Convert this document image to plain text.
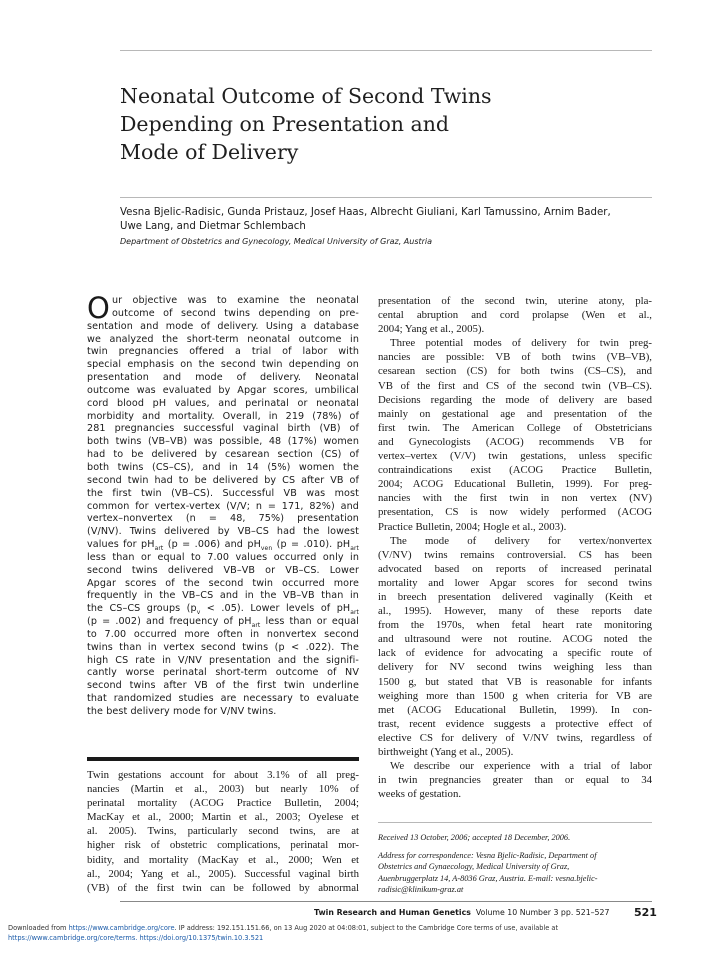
Neonatal Outcome of Second Twins
Depending on Presentation and
Mode of Delivery
Vesna Bjelic-Radisic, Gunda Pristauz, Josef Haas, Albrecht Giuliani, Karl Tamussino, Arnim Bader,
Uwe Lang, and Dietmar Schlembach
Department of Obstetrics and Gynecology, Medical University of Graz, Austria
O ur objective was to examine the neonatal

outcome of second twins depending on pre-

sentation and mode of delivery. Using a database

we analyzed the short-term neonatal outcome in

twin pregnancies offered a trial of labor with

special emphasis on the second twin depending on

presentation and mode of delivery. Neonatal

outcome was evaluated by Apgar scores, umbilical

cord blood pH values, and perinatal or neonatal

morbidity and mortality. Overall, in 219 (78%) of

281 pregnancies successful vaginal birth (VB) of

both twins (VB–VB) was possible, 48 (17%) women

had to be delivered by cesarean section (CS) of

both twins (CS–CS), and in 14 (5%) women the

second twin had to be delivered by CS after VB of

the first twin (VB–CS). Successful VB was most

common for vertex-vertex (V/V; n = 171, 82%) and

vertex–nonvertex (n = 48, 75%) presentation

(V/NV). Twins delivered by VB–CS had the lowest

values for $pH_{art}$ (p = .006) and $pH_{ven}$ (p = .010). $pH_{art}$

less than or equal to 7.00 values occurred only in

second twins delivered VB–VB or VB–CS. Lower

Apgar scores of the second twin occurred more

frequently in the VB–CS and in the VB–VB than in

the CS–CS groups $(p_v < .05)$. Lower levels of $pH_{art}$

(p = .002) and frequency of $pH_{art}$ less than or equal

to 7.00 occurred more often in nonvertex second

twins than in vertex second twins (p < .022). The

high CS rate in V/NV presentation and the signifi-

cantly worse perinatal short-term outcome of NV

second twins after VB of the first twin underline

that randomized studies are necessary to evaluate

the best delivery mode for V/NV twins.

Twin gestations account for about 3.1% of all preg-

nancies (Martin et al., 2003) but nearly 10% of

perinatal mortality (ACOG Practice Bulletin, 2004;

MacKay et al., 2000; Martin et al., 2003; Oyelese et

al. 2005). Twins, particularly second twins, are at

higher risk of obstetric complications, perinatal mor-

bidity, and mortality (MacKay et al., 2000; Wen et

al., 2004; Yang et al., 2005). Successful vaginal birth

(VB) of the first twin can be followed by abnormal

presentation of the second twin, uterine atony, pla-

cental abruption and cord prolapse (Wen et al.,

2004; Yang et al., 2005).

Three potential modes of delivery for twin preg-

nancies are possible: VB of both twins (VB–VB),

cesarean section (CS) for both twins (CS–CS), and

VB of the first and CS of the second twin (VB–CS).

Decisions regarding the mode of delivery are based

mainly on gestational age and presentation of the

first twin. The American College of Obstetricians

and Gynecologists (ACOG) recommends VB for

vertex–vertex (V/V) twin gestations, unless specific

contraindications exist (ACOG Practice Bulletin,

2004; ACOG Educational Bulletin, 1999). For preg-

nancies with the first twin in non vertex (NV)

presentation, CS is now widely performed (ACOG

Practice Bulletin, 2004; Hogle et al., 2003).

The mode of delivery for vertex/nonvertex

(V/NV) twins remains controversial. CS has been

advocated based on reports of increased perinatal

mortality and lower Apgar scores for second twins

in breech presentation delivered vaginally (Keith et

al., 1995). However, many of these reports date

from the 1970s, when fetal heart rate monitoring

and ultrasound were not routine. ACOG noted the

lack of evidence for advocating a specific route of

delivery for NV second twins weighing less than

1500 g, but stated that VB is reasonable for infants

weighing more than 1500 g when criteria for VB are

met (ACOG Educational Bulletin, 1999). In con-

trast, recent evidence suggests a protective effect of

elective CS for delivery of V/NV twins, regardless of

birthweight (Yang et al., 2005).

We describe our experience with a trial of labor

in twin pregnancies greater than or equal to 34

weeks of gestation.

Received 13 October, 2006; accepted 18 December, 2006.

Address for correspondence: Vesna Bjelic-Radisic, Department of

Obstetrics and Gynaecology, Medical University of Graz,

Auenbruggerplatz 14, A-8036 Graz, Austria. E-mail: vesna.bjelic-

radisic@klinikum-graz.at

Twin Research and Human Genetics Volume 10 Number 3 pp. 521–527 521
Downloaded from https://www.cambridge.org/core. IP address: 192.151.151.66, on 13 Aug 2020 at 04:08:01, subject to the Cambridge Core terms of use, available at
https://www.cambridge.org/core/terms. https://doi.org/10.1375/twin.10.3.521
